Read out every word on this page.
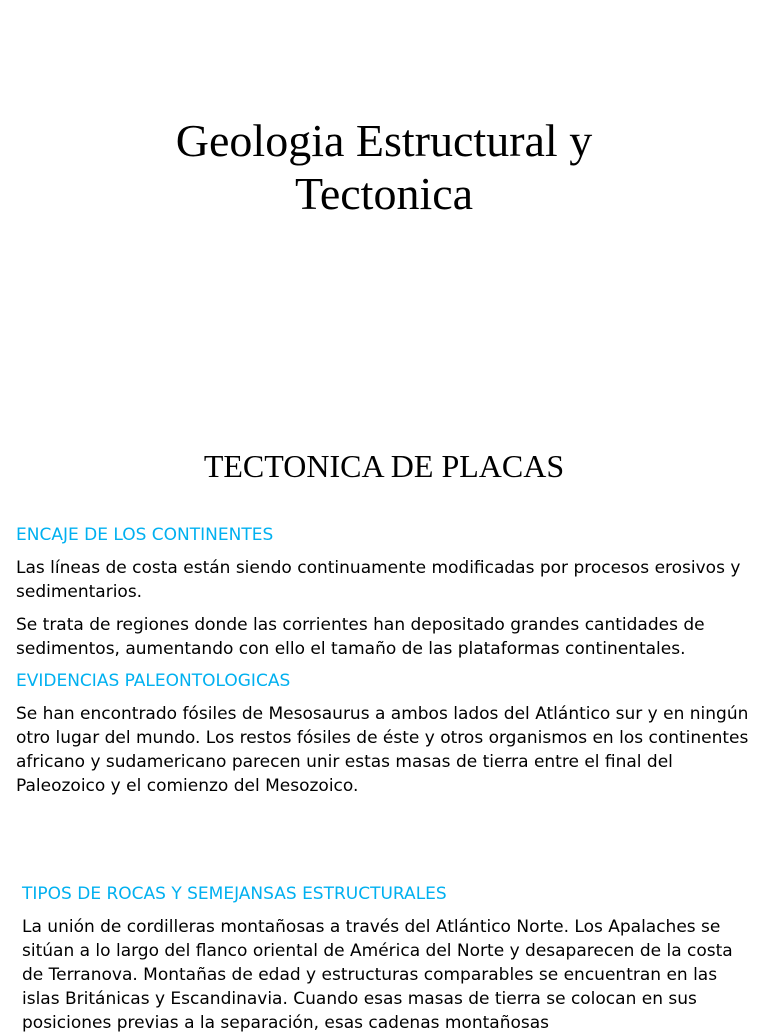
Geologia Estructural y
Tectonica
TECTONICA DE PLACAS
ENCAJE DE LOS CONTINENTES

Las líneas de costa están siendo continuamente modificadas por procesos erosivos y sedimentarios.

Se trata de regiones donde las corrientes han depositado grandes cantidades de sedimentos, aumentando con ello el tamaño de las plataformas continentales.

EVIDENCIAS PALEONTOLOGICAS

Se han encontrado fósiles de Mesosaurus a ambos lados del Atlántico sur y en ningún otro lugar del mundo. Los restos fósiles de éste y otros organismos en los continentes africano y sudamericano parecen unir estas masas de tierra entre el final del Paleozoico y el comienzo del Mesozoico.

TIPOS DE ROCAS Y SEMEJANSAS ESTRUCTURALES

La unión de cordilleras montañosas a través del Atlántico Norte. Los Apalaches se sitúan a lo largo del flanco oriental de América del Norte y desaparecen de la costa de Terranova. Montañas de edad y estructuras comparables se encuentran en las islas Británicas y Escandinavia. Cuando esas masas de tierra se colocan en sus posiciones previas a la separación, esas cadenas montañosas
